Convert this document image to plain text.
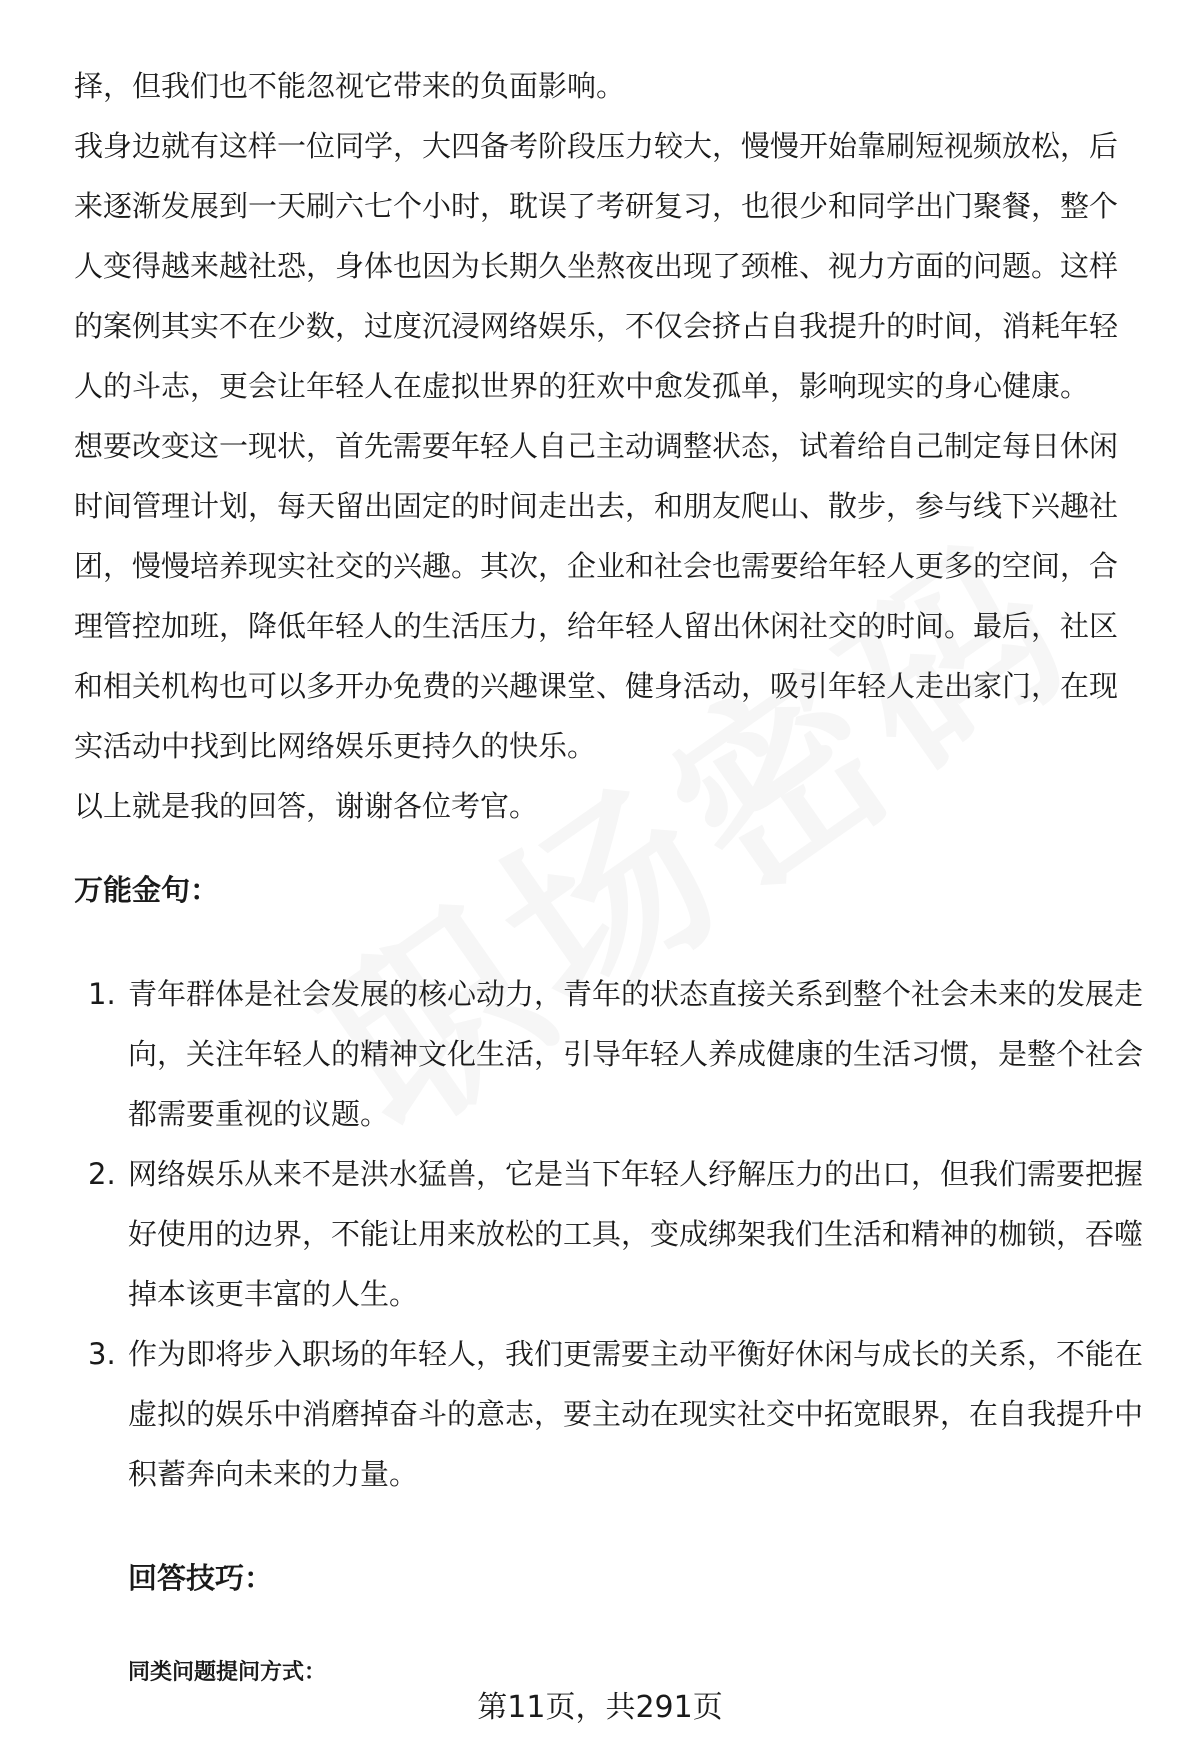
择，但我们也不能忽视它带来的负面影响。

我身边就有这样一位同学，大四备考阶段压力较大，慢慢开始靠刷短视频放松，后来逐渐发展到一天刷六七个小时，耽误了考研复习，也很少和同学出门聚餐，整个人变得越来越社恐，身体也因为长期久坐熬夜出现了颈椎、视力方面的问题。这样的案例其实不在少数，过度沉浸网络娱乐，不仅会挤占自我提升的时间，消耗年轻人的斗志，更会让年轻人在虚拟世界的狂欢中愈发孤单，影响现实的身心健康。

想要改变这一现状，首先需要年轻人自己主动调整状态，试着给自己制定每日休闲时间管理计划，每天留出固定的时间走出去，和朋友爬山、散步，参与线下兴趣社团，慢慢培养现实社交的兴趣。其次，企业和社会也需要给年轻人更多的空间，合理管控加班，降低年轻人的生活压力，给年轻人留出休闲社交的时间。最后，社区和相关机构也可以多开办免费的兴趣课堂、健身活动，吸引年轻人走出家门，在现实活动中找到比网络娱乐更持久的快乐。

以上就是我的回答，谢谢各位考官。

万能金句：
1. 青年群体是社会发展的核心动力，青年的状态直接关系到整个社会未来的发展走向，关注年轻人的精神文化生活，引导年轻人养成健康的生活习惯，是整个社会都需要重视的议题。
2. 网络娱乐从来不是洪水猛兽，它是当下年轻人纾解压力的出口，但我们需要把握好使用的边界，不能让用来放松的工具，变成绑架我们生活和精神的枷锁，吞噬掉本该更丰富的人生。
3. 作为即将步入职场的年轻人，我们更需要主动平衡好休闲与成长的关系，不能在虚拟的娱乐中消磨掉奋斗的意志，要主动在现实社交中拓宽眼界，在自我提升中积蓄奔向未来的力量。
回答技巧：
同类问题提问方式：
第11页，共291页
